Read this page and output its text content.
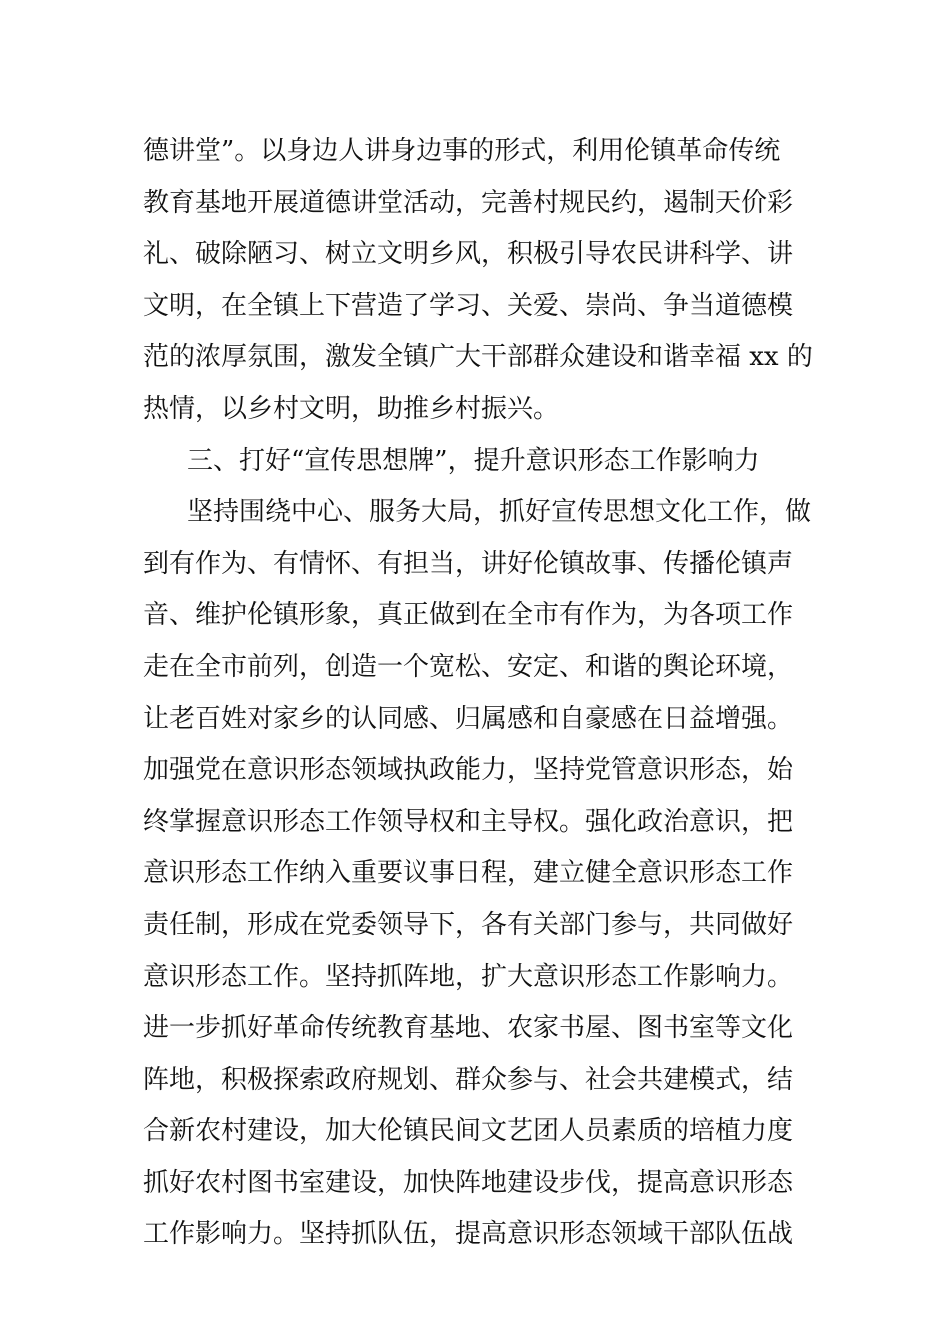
德讲堂”。以身边人讲身边事的形式，利用伦镇革命传统
教育基地开展道德讲堂活动，完善村规民约，遏制天价彩
礼、破除陋习、树立文明乡风，积极引导农民讲科学、讲
文明，在全镇上下营造了学习、关爱、崇尚、争当道德模
范的浓厚氛围，激发全镇广大干部群众建设和谐幸福 xx 的
热情，以乡村文明，助推乡村振兴。
三、打好“宣传思想牌”，提升意识形态工作影响力
坚持围绕中心、服务大局，抓好宣传思想文化工作，做
到有作为、有情怀、有担当，讲好伦镇故事、传播伦镇声
音、维护伦镇形象，真正做到在全市有作为，为各项工作
走在全市前列，创造一个宽松、安定、和谐的舆论环境，
让老百姓对家乡的认同感、归属感和自豪感在日益增强。
加强党在意识形态领域执政能力，坚持党管意识形态，始
终掌握意识形态工作领导权和主导权。强化政治意识，把
意识形态工作纳入重要议事日程，建立健全意识形态工作
责任制，形成在党委领导下，各有关部门参与，共同做好
意识形态工作。坚持抓阵地，扩大意识形态工作影响力。
进一步抓好革命传统教育基地、农家书屋、图书室等文化
阵地，积极探索政府规划、群众参与、社会共建模式，结
合新农村建设，加大伦镇民间文艺团人员素质的培植力度
抓好农村图书室建设，加快阵地建设步伐，提高意识形态
工作影响力。坚持抓队伍，提高意识形态领域干部队伍战
